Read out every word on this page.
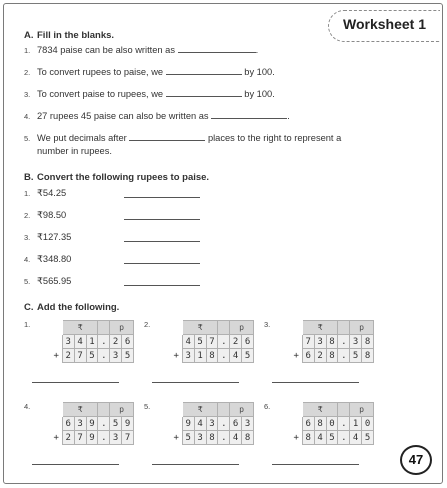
Worksheet 1
A. Fill in the blanks.
1. 7834 paise can be also written as	.
2. To convert rupees to paise, we	by 100.
3. To convert paise to rupees, we	by 100.
4. 27 rupees 45 paise can also be written as	.
5. We put decimals after	places to the right to represent a
number in rupees.
B. Convert the following rupees to paise.
1. ₹54.25
2. ₹98.50
3. ₹127.35
4. ₹348.80
5. ₹565.95
C. Add the following.
1.
		₹				p	
	3	4	1	.	2	6
+	2	7	5	.	3	5
2.
		₹				p	
	4	5	7	.	2	6
+	3	1	8	.	4	5
3.
		₹				p	
	7	3	8	.	3	8
+	6	2	8	.	5	8
4.
		₹				p	
	6	3	9	.	5	9
+	2	7	9	.	3	7
5.
		₹				p	
	9	4	3	.	6	3
+	5	3	8	.	4	8
6.
		₹				p	
	6	8	0	.	1	0
+	8	4	5	.	4	5
47
